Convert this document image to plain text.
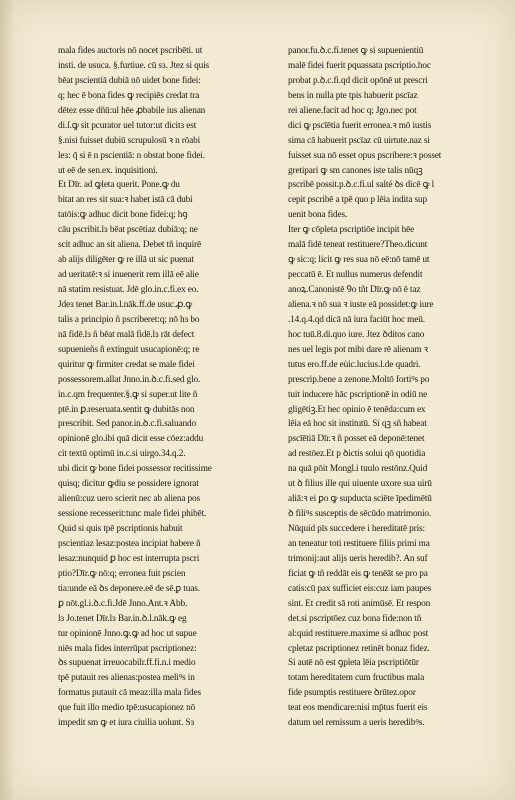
mala fides auctoris nō nocet pscribēti. ut
insti. de usuca. §.furtiue. cū sɜ. Jtez si quis
bēat pscientiā dubiā nō uidet bone fidei:
q; hec ē bona fides ꝙ recipiēs credat tra
dētez esse dñū:ul hēe ꝓbabile ius alienan
di.ſ.ꝙ sit pcurator uel tutor:ut dicitɜ est
§.nisi fuisset dubiū scrupulosū ꝛ n rōabi
leɜ: q̄ si ē n pscientiā: n obstat bone fidei.
ut eē de sen.ex. inquisitioni.
Et Dīr. ad ꝙleta querit. Pone.ꝙ du
bitat an res sit sua:ꝛ habet istā cā dubi
tatōis:ꝙ adhuc dicit bone fidei:q; hꝯ
cāu pscribit.lɜ bēat pscētiaz dubiā:q; ne
scit adhuc an sit aliena. Debet tñ inquirē
ab alijs diligēter ꝙ re illā ut sic puenat
ad ueritatē:ꝛ si inuenerit rem illā eē alie
nā statim resistuat. Jdē glo.in.c.fi.ex eo.
Jdeɜ tenet Bar.in.l.nāk.ff.de usuc.ꝓ.ꝙ
talis a principio ñ pscriberet:q; nō hɜ bo
nā fidē.lɜ ñ bēat malā fidē.lɜ rāt defect
supuenieñs ñ extinguit usucapionē:q; re
quiritur ꝙ firmiter credat se male fidei
possessorem.allat Jnno.in.ꝺ.c.fi.sed glo.
in.c.qm frequenter.§.ꝙ si super.ut lite ñ
ptē.in ꝑ.reseruata.sentit ꝙ dubitās non
prescribit. Sed panor.in.ꝺ.c.fi.saluando
opinionē glo.ibi quā dicit esse cōez:addu
cit textū optimū in.c.si uirgo.34.q.2.
ubi dicit ꝙ bone fidei possessor recitissime
quisq; dicitur ꝙdiu se possidere ignorat
alienū:cuz uero scierit nec ab aliena pos
sessione recesserit:tunc male fidei phibēt.
Quid si quis tpē pscriptionis habuit
pscientiaz lesaz:postea incipiat habere ñ
lesaz:nunquid ꝑ hoc est interrupta pscri
ptio?Dīr.ꝙ nō:q; erronea fuit pscien
tia:unde eā ꝺs deponere.eē de sē.ꝑ tuas.
ꝑ nōt.gl.i.ꝺ.c.fi.Jdē Jnno.Ant.ꝛ Abb.
lɜ Jo.tenet Dīr.lɜ Bar.in.ꝺ.l.nāk.ꝙ eg
tur opinionē Jnno.ꝙ.ꝙ ad hoc ut supue
niēs mala fides interrūpat pscriptionez:
ꝺs supuenat irreuocabilr.ff.fi.n.i medio
tpē putauit res alienas:postea meliꝰs in
formatus putauit cā meaz:illa mala fides
que fuit illo medio tpē:usucapionez nō
impedit sm ꝙ et iura ciuilia uolunt. Sɜ
panor.fu.ꝺ.c.fi.tenet ꝙ si supuenientiū
malē fidei fuerit pquassata pscriptio.hoc
probat p.ꝺ.c.fi.qd dicit opōnē ut prescri
bens in nulla pte tpis habuerit pscīaz
rei aliene.facit ad hoc q; Jgo.nec pot
dici ꝙ pscīētia fuerit erronea.ꝛ mō iustis
sima cā habuerit pscīaz cū uirtute.naz si
fuisset sua nō esset opus pscribere:ꝛ posset
gretipari ꝙ sm canones iste talis nūqꝫ
pscribē possit.p.ꝺ.c.fi.ul salté ꝺs dicē ꝙ l
cepit pscribē a tpē quo p lēia indita sup
uenit bona fides.
Iter ꝙ cōpleta pscriptiōe incipit hēe
malā fidē teneat restituere?Theo.dicunt
ꝙ sic:q; licit ꝙ res sua nō eē:nō tamē ut
peccatū ē. Et nullus numerus defendit
anoꝝ.Canonistē Ꝯo tñt Dīr.ꝙ nō ē taz
aliena.ꝛ nō sua ꝛ iuste eā possidet:ꝙ iure
.14.q.4.qd dicā nā iura faciūt hoc meū.
hoc tuū.8.di.quo iure. Jtez ꝺditos cano
nes uel legis pot mibi dare rē alienam ꝛ
tutus ero.ff.de eu̇ic.lucius.l.de quadri.
prescrip.bene a zenone.Moltō fortiꝰs po
tuit inducere hāc pscriptionē in odiū ne
gligētiꝫ.Et hec opinio ē tenēda:cum ex
lēia eā hoc sit institutū. Si qꝫ sñ habeat
pscīētiā Dīr.ꝛ ñ posset eā deponē:tenet
ad restōez.Et p ꝺictis solui qō quotidia
na quā pōit Mongl.i tuulo restōnz.Quid
ut ꝺ filius ille qui uiuente uxore sua uirū
aliā:ꝛ ei ꝑo ꝙ supducta sciēte īpedimētū
ꝺ filiꝰs susceptis de sēcūdo matrimonio.
Nūquid pīs succedere i hereditatē pris:
an teneatur toti restituere filiis primi ma
trimonij:aut alijs ueris heredib?. An suf
ficiat ꝙ tñ reddāt eis ꝙ tenēāt se pro pa
catis:cū pax sufficiet eis:cuz iam paupes
sint. Et credit sā roti animūsē. Et respon
det.si pscriptōez cuz bona fide:non tñ
al:quid restituere.maxime si adhuc post
cpletaz pscriptionez retinēt bonaz fidez.
Si autē nō est ꝯpleta lēia pscriptiōtūr
totam hereditatem cum fructibus mala
fide psumptis restituere ꝺrūtez.opor
teat eos mendicare:nisi mp̄tus fuerit eis
datum uel remissum a ueris heredibꝰs.
